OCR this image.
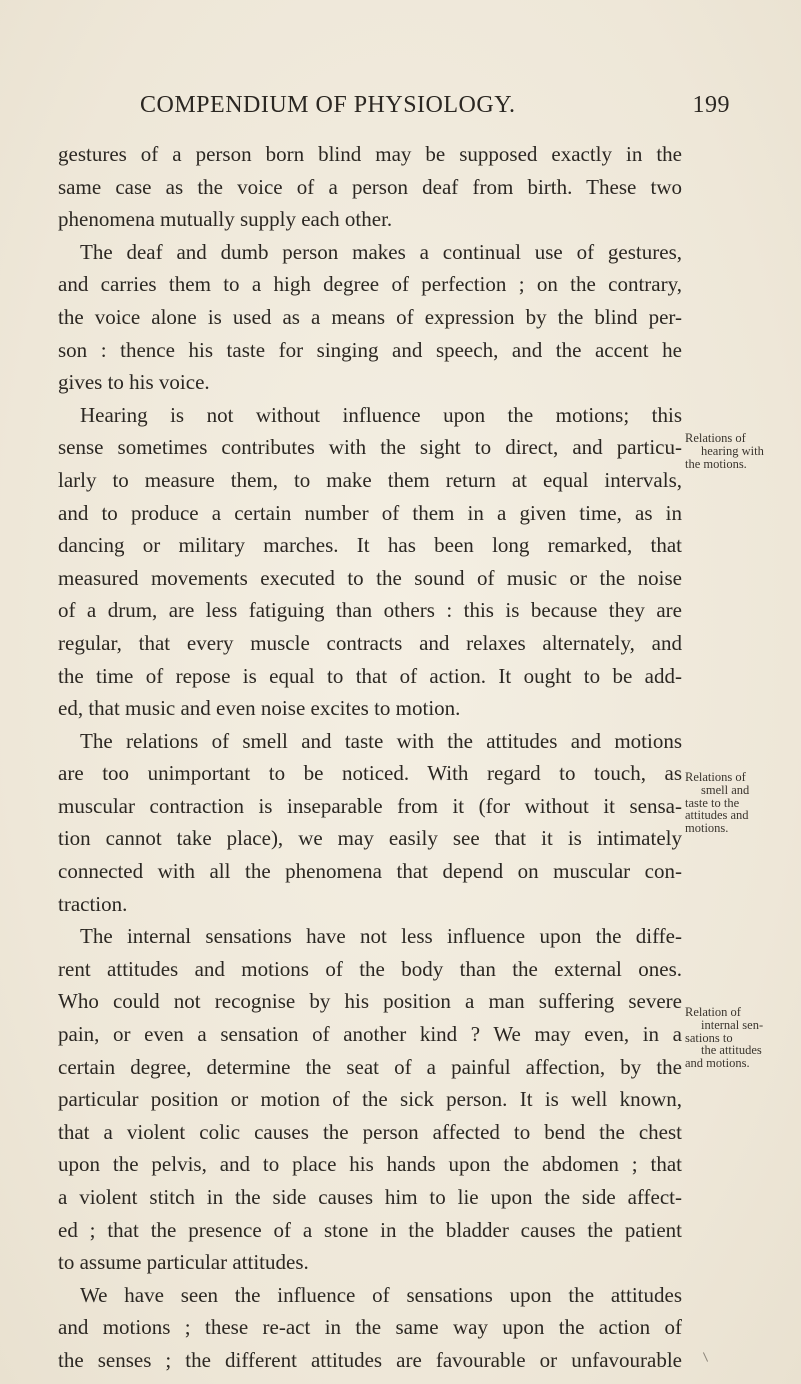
COMPENDIUM OF PHYSIOLOGY.	199
gestures of a person born blind may be supposed exactly in the
same case as the voice of a person deaf from birth. These two
phenomena mutually supply each other.
The deaf and dumb person makes a continual use of gestures,
and carries them to a high degree of perfection ; on the contrary,
the voice alone is used as a means of expression by the blind per-
son : thence his taste for singing and speech, and the accent he
gives to his voice.
Hearing is not without influence upon the motions; this
sense sometimes contributes with the sight to direct, and particu-
larly to measure them, to make them return at equal intervals,
and to produce a certain number of them in a given time, as in
dancing or military marches. It has been long remarked, that
measured movements executed to the sound of music or the noise
of a drum, are less fatiguing than others : this is because they are
regular, that every muscle contracts and relaxes alternately, and
the time of repose is equal to that of action. It ought to be add-
ed, that music and even noise excites to motion.
The relations of smell and taste with the attitudes and motions
are too unimportant to be noticed. With regard to touch, as
muscular contraction is inseparable from it (for without it sensa-
tion cannot take place), we may easily see that it is intimately
connected with all the phenomena that depend on muscular con-
traction.
The internal sensations have not less influence upon the diffe-
rent attitudes and motions of the body than the external ones.
Who could not recognise by his position a man suffering severe
pain, or even a sensation of another kind ? We may even, in a
certain degree, determine the seat of a painful affection, by the
particular position or motion of the sick person. It is well known,
that a violent colic causes the person affected to bend the chest
upon the pelvis, and to place his hands upon the abdomen ; that
a violent stitch in the side causes him to lie upon the side affect-
ed ; that the presence of a stone in the bladder causes the patient
to assume particular attitudes.
We have seen the influence of sensations upon the attitudes
and motions ; these re-act in the same way upon the action of
the senses ; the different attitudes are favourable or unfavourable
Relations of
hearing with
the motions.
Relations of
smell and
taste to the
attitudes and
motions.
Relation of
internal sen-
sations to
the attitudes
and motions.
